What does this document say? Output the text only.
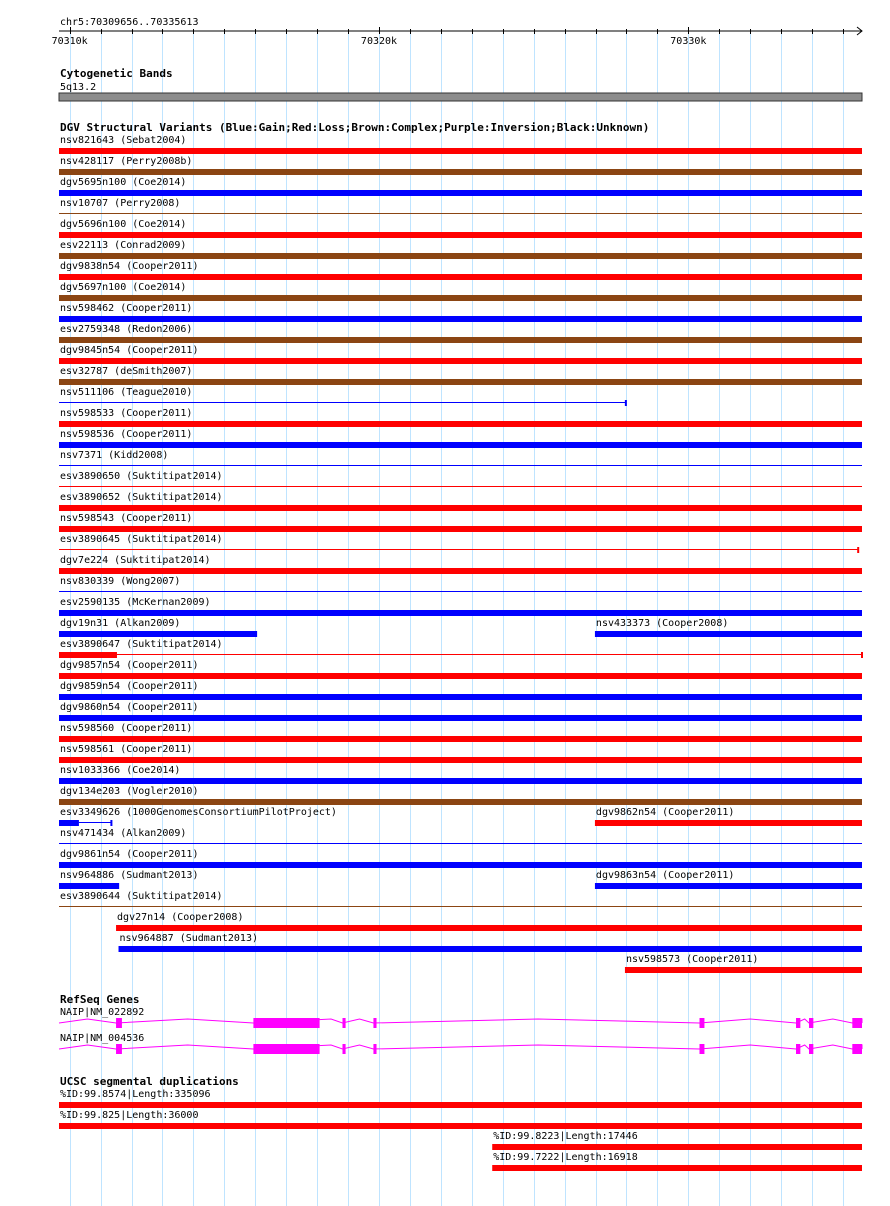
chr5:70309656..70335613
70310k	70320k	70330k
Cytogenetic Bands
5q13.2
DGV Structural Variants (Blue:Gain;Red:Loss;Brown:Complex;Purple:Inversion;Black:Unknown)
nsv821643 (Sebat2004)
nsv428117 (Perry2008b)
dgv5695n100 (Coe2014)
nsv10707 (Perry2008)
dgv5696n100 (Coe2014)
esv22113 (Conrad2009)
dgv9838n54 (Cooper2011)
dgv5697n100 (Coe2014)
nsv598462 (Cooper2011)
esv2759348 (Redon2006)
dgv9845n54 (Cooper2011)
esv32787 (deSmith2007)
nsv511106 (Teague2010)
nsv598533 (Cooper2011)
nsv598536 (Cooper2011)
nsv7371 (Kidd2008)
esv3890650 (Suktitipat2014)
esv3890652 (Suktitipat2014)
nsv598543 (Cooper2011)
esv3890645 (Suktitipat2014)
dgv7e224 (Suktitipat2014)
nsv830339 (Wong2007)
esv2590135 (McKernan2009)
dgv19n31 (Alkan2009)	nsv433373 (Cooper2008)
esv3890647 (Suktitipat2014)
dgv9857n54 (Cooper2011)
dgv9859n54 (Cooper2011)
dgv9860n54 (Cooper2011)
nsv598560 (Cooper2011)
nsv598561 (Cooper2011)
nsv1033366 (Coe2014)
dgv134e203 (Vogler2010)
esv3349626 (1000GenomesConsortiumPilotProject)	dgv9862n54 (Cooper2011)
nsv471434 (Alkan2009)
dgv9861n54 (Cooper2011)
nsv964886 (Sudmant2013)	dgv9863n54 (Cooper2011)
esv3890644 (Suktitipat2014)
dgv27n14 (Cooper2008)
nsv964887 (Sudmant2013)
nsv598573 (Cooper2011)
RefSeq Genes
NAIP|NM_022892
NAIP|NM_004536
UCSC segmental duplications
%ID:99.8574|Length:335096
%ID:99.825|Length:36000
%ID:99.8223|Length:17446
%ID:99.7222|Length:16918
